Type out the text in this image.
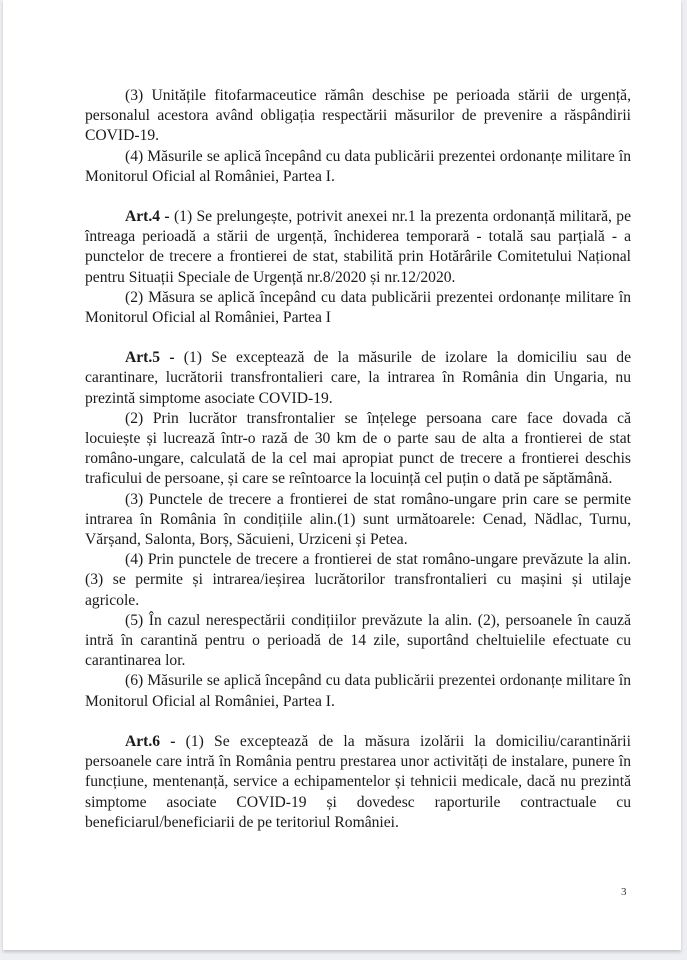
(3) Unitățile fitofarmaceutice rămân deschise pe perioada stării de urgență, personalul acestora având obligația respectării măsurilor de prevenire a răspândirii COVID-19.

(4) Măsurile se aplică începând cu data publicării prezentei ordonanțe militare în Monitorul Oficial al României, Partea I.

Art.4 - (1) Se prelungește, potrivit anexei nr.1 la prezenta ordonanță militară, pe întreaga perioadă a stării de urgență, închiderea temporară - totală sau parțială - a punctelor de trecere a frontierei de stat, stabilită prin Hotărârile Comitetului Național pentru Situații Speciale de Urgență nr.8/2020 și nr.12/2020.

(2) Măsura se aplică începând cu data publicării prezentei ordonanțe militare în Monitorul Oficial al României, Partea I

Art.5 - (1) Se exceptează de la măsurile de izolare la domiciliu sau de carantinare, lucrătorii transfrontalieri care, la intrarea în România din Ungaria, nu prezintă simptome asociate COVID-19.

(2) Prin lucrător transfrontalier se înțelege persoana care face dovada că locuiește și lucrează într-o rază de 30 km de o parte sau de alta a frontierei de stat româno-ungare, calculată de la cel mai apropiat punct de trecere a frontierei deschis traficului de persoane, și care se reîntoarce la locuință cel puțin o dată pe săptămână.

(3) Punctele de trecere a frontierei de stat româno-ungare prin care se permite intrarea în România în condițiile alin.(1) sunt următoarele: Cenad, Nădlac, Turnu, Vărșand, Salonta, Borș, Săcuieni, Urziceni și Petea.

(4) Prin punctele de trecere a frontierei de stat româno-ungare prevăzute la alin.(3) se permite și intrarea/ieșirea lucrătorilor transfrontalieri cu mașini și utilaje agricole.

(5) În cazul nerespectării condițiilor prevăzute la alin. (2), persoanele în cauză intră în carantină pentru o perioadă de 14 zile, suportând cheltuielile efectuate cu carantinarea lor.

(6) Măsurile se aplică începând cu data publicării prezentei ordonanțe militare în Monitorul Oficial al României, Partea I.

Art.6 - (1) Se exceptează de la măsura izolării la domiciliu/carantinării persoanele care intră în România pentru prestarea unor activități de instalare, punere în funcțiune, mentenanță, service a echipamentelor și tehnicii medicale, dacă nu prezintă simptome asociate COVID-19 și dovedesc raporturile contractuale cu beneficiarul/beneficiarii de pe teritoriul României.

3
